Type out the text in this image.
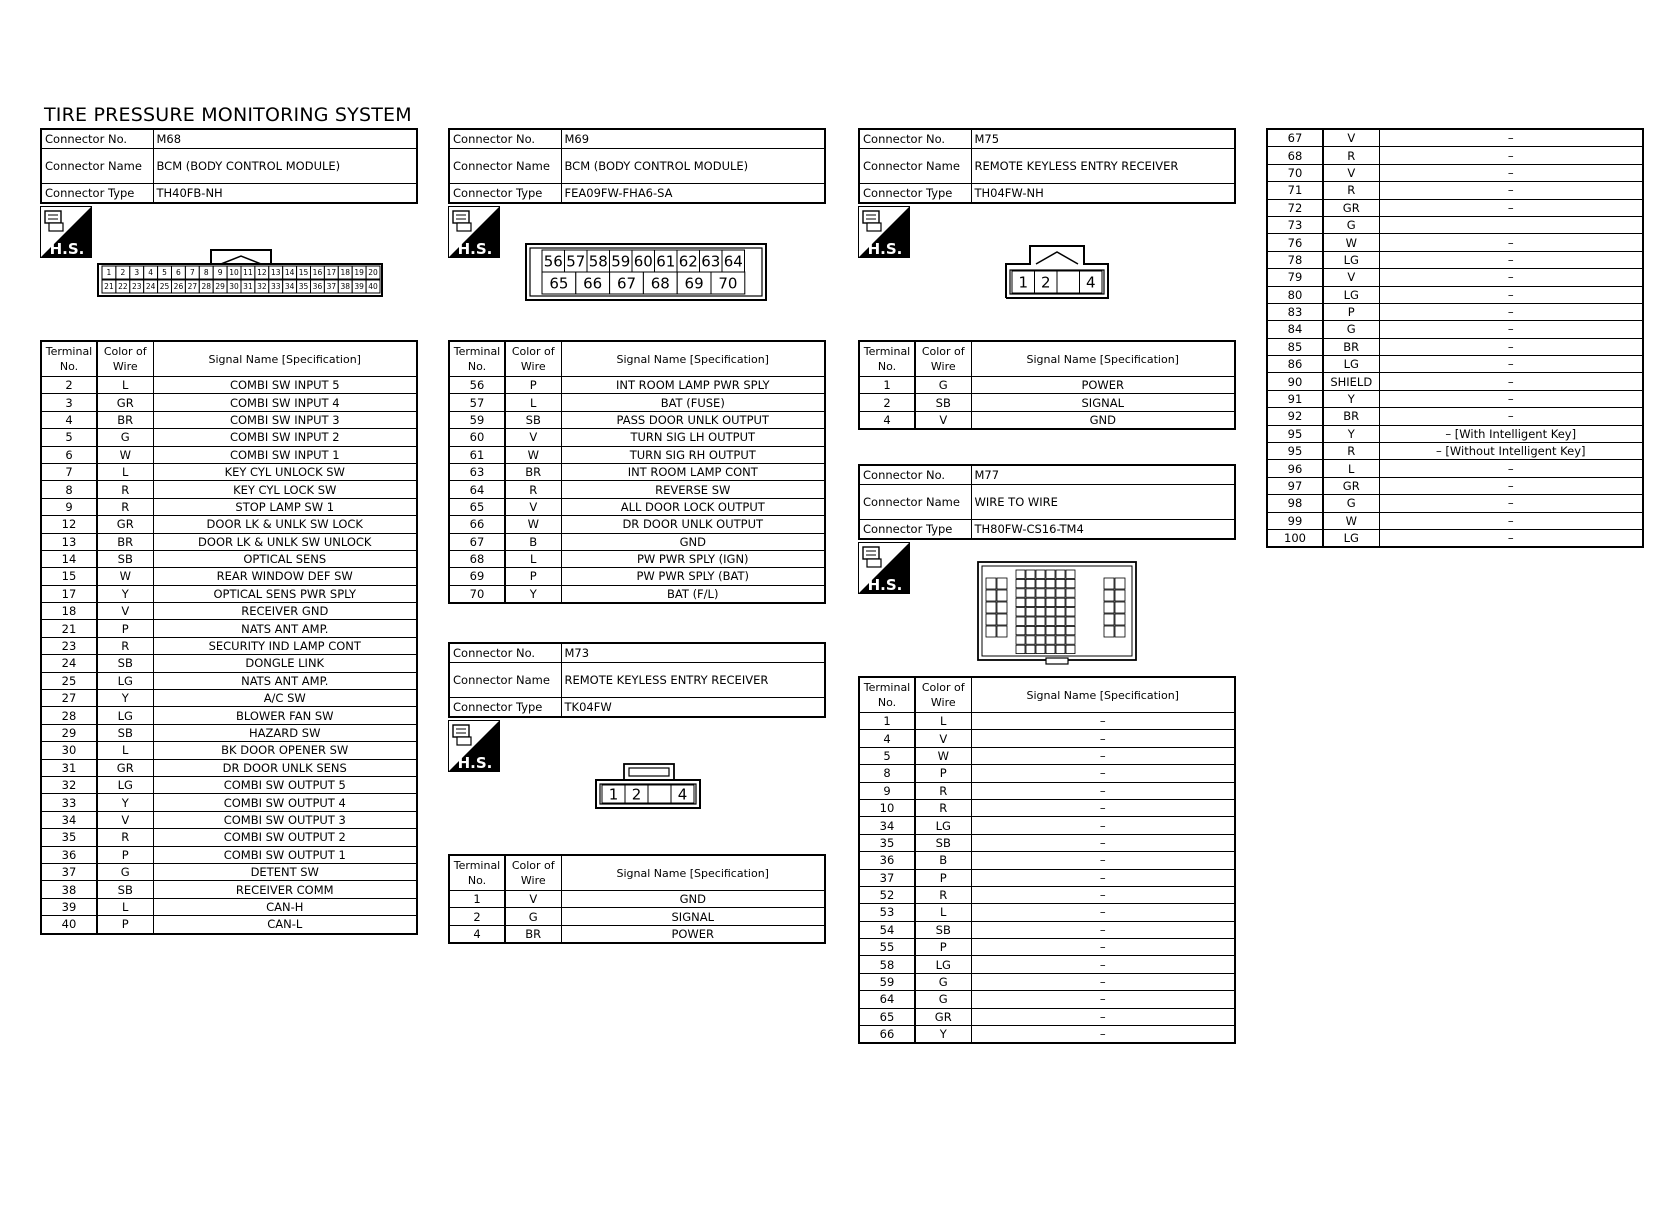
TIRE PRESSURE MONITORING SYSTEM
Connector No.	M68
Connector Name	BCM (BODY CONTROL MODULE)
Connector Type	TH40FB-NH
H.S.
1 2 3 4 5 6 7 8 9 10 11 12 13 14 15 16 17 18 19 20
21 22 23 24 25 26 27 28 29 30 31 32 33 34 35 36 37 38 39 40
Terminal No.	Color of Wire	Signal Name [Specification]
2	L	COMBI SW INPUT 5
3	GR	COMBI SW INPUT 4
4	BR	COMBI SW INPUT 3
5	G	COMBI SW INPUT 2
6	W	COMBI SW INPUT 1
7	L	KEY CYL UNLOCK SW
8	R	KEY CYL LOCK SW
9	R	STOP LAMP SW 1
12	GR	DOOR LK & UNLK SW LOCK
13	BR	DOOR LK & UNLK SW UNLOCK
14	SB	OPTICAL SENS
15	W	REAR WINDOW DEF SW
17	Y	OPTICAL SENS PWR SPLY
18	V	RECEIVER GND
21	P	NATS ANT AMP.
23	R	SECURITY IND LAMP CONT
24	SB	DONGLE LINK
25	LG	NATS ANT AMP.
27	Y	A/C SW
28	LG	BLOWER FAN SW
29	SB	HAZARD SW
30	L	BK DOOR OPENER SW
31	GR	DR DOOR UNLK SENS
32	LG	COMBI SW OUTPUT 5
33	Y	COMBI SW OUTPUT 4
34	V	COMBI SW OUTPUT 3
35	R	COMBI SW OUTPUT 2
36	P	COMBI SW OUTPUT 1
37	G	DETENT SW
38	SB	RECEIVER COMM
39	L	CAN-H
40	P	CAN-L
Connector No.	M69
Connector Name	BCM (BODY CONTROL MODULE)
Connector Type	FEA09FW-FHA6-SA
H.S.
56 57 58 59 60 61 62 63 64
65 66 67 68 69 70
Terminal No.	Color of Wire	Signal Name [Specification]
56	P	INT ROOM LAMP PWR SPLY
57	L	BAT (FUSE)
59	SB	PASS DOOR UNLK OUTPUT
60	V	TURN SIG LH OUTPUT
61	W	TURN SIG RH OUTPUT
63	BR	INT ROOM LAMP CONT
64	R	REVERSE SW
65	V	ALL DOOR LOCK OUTPUT
66	W	DR DOOR UNLK OUTPUT
67	B	GND
68	L	PW PWR SPLY (IGN)
69	P	PW PWR SPLY (BAT)
70	Y	BAT (F/L)
Connector No.	M73
Connector Name	REMOTE KEYLESS ENTRY RECEIVER
Connector Type	TK04FW
H.S.
1 2 4
Terminal No.	Color of Wire	Signal Name [Specification]
1	V	GND
2	G	SIGNAL
4	BR	POWER
Connector No.	M75
Connector Name	REMOTE KEYLESS ENTRY RECEIVER
Connector Type	TH04FW-NH
H.S.
1 2 4
Terminal No.	Color of Wire	Signal Name [Specification]
1	G	POWER
2	SB	SIGNAL
4	V	GND
Connector No.	M77
Connector Name	WIRE TO WIRE
Connector Type	TH80FW-CS16-TM4
H.S.
Terminal No.	Color of Wire	Signal Name [Specification]
1	L	–
4	V	–
5	W	–
8	P	–
9	R	–
10	R	–
34	LG	–
35	SB	–
36	B	–
37	P	–
52	R	–
53	L	–
54	SB	–
55	P	–
58	LG	–
59	G	–
64	G	–
65	GR	–
66	Y	–
67	V	–
68	R	–
70	V	–
71	R	–
72	GR	–
73	G	
76	W	–
78	LG	–
79	V	–
80	LG	–
83	P	–
84	G	–
85	BR	–
86	LG	–
90	SHIELD	–
91	Y	–
92	BR	–
95	Y	– [With Intelligent Key]
95	R	– [Without Intelligent Key]
96	L	–
97	GR	–
98	G	–
99	W	–
100	LG	–
